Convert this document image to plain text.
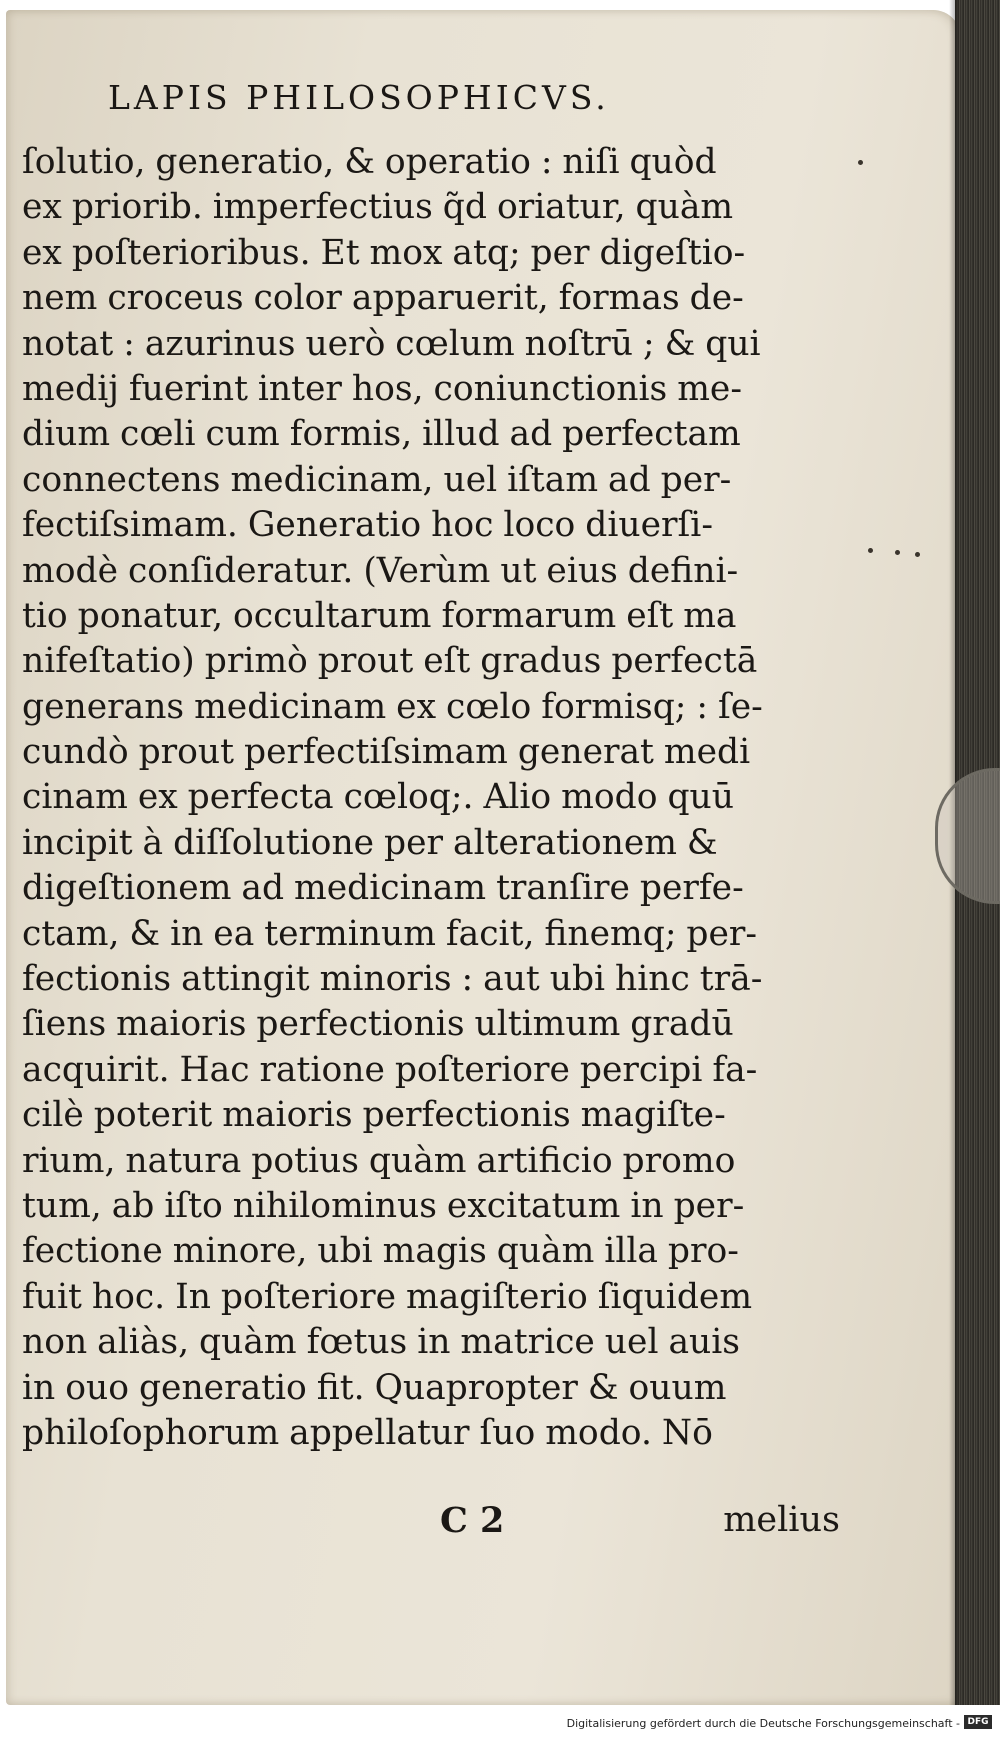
LAPIS PHILOSOPHICVS.
ſolutio, generatio, & operatio : niſi quòd
ex priorib. imperfectius q̃d oriatur, quàm
ex poſterioribus. Et mox atq; per digeſtio-
nem croceus color apparuerit, formas de-
notat : azurinus uerò cœlum noſtrū ; & qui
medij fuerint inter hos, coniunctionis me-
dium cœli cum formis, illud ad perfectam
connectens medicinam, uel iſtam ad per-
fectiſsimam. Generatio hoc loco diuerſi-
modè conſideratur. (Verùm ut eius defini-
tio ponatur, occultarum formarum eſt ma
nifeſtatio) primò prout eſt gradus perfectā
generans medicinam ex cœlo formisq; : ſe-
cundò prout perfectiſsimam generat medi
cinam ex perfecta cœloq;. Alio modo quū
incipit à diſſolutione per alterationem &
digeſtionem ad medicinam tranſire perfe-
ctam, & in ea terminum facit, finemq; per-
fectionis attingit minoris : aut ubi hinc trā-
ſiens maioris perfectionis ultimum gradū
acquirit. Hac ratione poſteriore percipi fa-
cilè poterit maioris perfectionis magiſte-
rium, natura potius quàm artificio promo
tum, ab iſto nihilominus excitatum in per-
fectione minore, ubi magis quàm illa pro-
fuit hoc. In poſteriore magiſterio ſiquidem
non aliàs, quàm fœtus in matrice uel auis
in ouo generatio fit. Quapropter & ouum
philoſophorum appellatur ſuo modo. Nō
C 2	melius
Digitalisierung gefördert durch die Deutsche Forschungsgemeinschaft - DFG
